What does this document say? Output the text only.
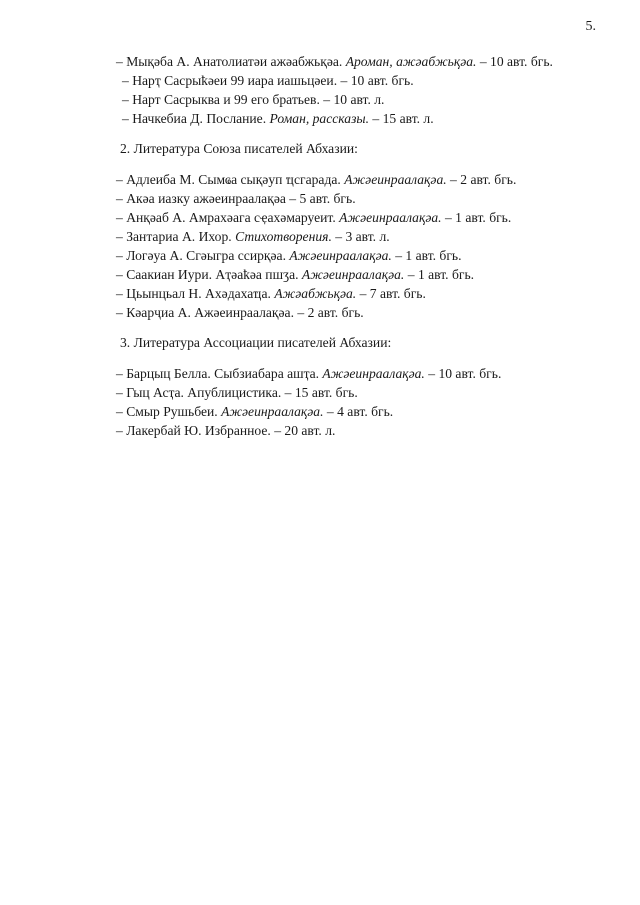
5.

– Мықәба А. Анатолиатәи ажәабжьқәа. Ароман, ажәабжьқәа. – 10 авт. бгь.

– Нарҭ Сасрыҟәеи 99 иара иашьцәеи. – 10 авт. бгь.

– Нарт Сасрыква и 99 его братьев. – 10 авт. л.

– Начкебиа Д. Послание. Роман, рассказы. – 15 авт. л.

2. Литература Союза писателей Абхазии:

– Адлеиба М. Сымҩа сықәуп ҵсгарада. Ажәеинраалақәа. – 2 авт. бгь.

– Акәа иазку ажәеинраалақәа – 5 авт. бгь.

– Анқәаб А. Амрахәага сҿахәмаруеит. Ажәеинраалақәа. – 1 авт. бгь.

– Зантариа А. Ихор. Стихотворения. – 3 авт. л.

– Логәуа А. Сгәыгра ссирқәа. Ажәеинраалақәа. – 1 авт. бгь.

– Саакиан Иури. Аҭәаҟәа пшӡа. Ажәеинраалақәа. – 1 авт. бгь.

– Цьынцьал Н. Ахәдахаҵа. Ажәабжьқәа. – 7 авт. бгь.

– Кәарҷиа А. Ажәеинраалақәа. – 2 авт. бгь.

3. Литература Ассоциации писателей Абхазии:

– Барцыц Белла. Сыбзиабара ашҭа. Ажәеинраалақәа. – 10 авт. бгь.

– Гыц Асҭа. Апублицистика. – 15 авт. бгь.

– Смыр Рушьбеи. Ажәеинраалақәа. – 4 авт. бгь.

– Лакербай Ю. Избранное. – 20 авт. л.
